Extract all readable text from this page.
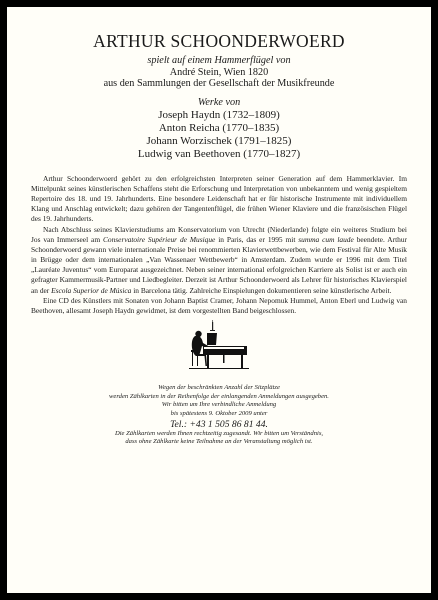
ARTHUR SCHOONDERWOERD

spielt auf einem Hammerflügel von

André Stein, Wien 1820

aus den Sammlungen der Gesellschaft der Musikfreunde

Werke von

Joseph Haydn (1732–1809)

Anton Reicha (1770–1835)

Johann Worzischek (1791–1825)

Ludwig van Beethoven (1770–1827)

Arthur Schoonderwoerd gehört zu den erfolgreichsten Interpreten seiner Generation auf dem Hammerklavier. Im Mittelpunkt seines künstlerischen Schaffens steht die Erforschung und Interpretation von unbekanntem und wenig gespieltem Repertoire des 18. und 19. Jahrhunderts. Eine besondere Leidenschaft hat er für historische Instrumente mit individuellem Klang und Anschlag entwickelt; dazu gehören der Tangentenflügel, die frühen Wiener Klaviere und die französischen Flügel des 19. Jahrhunderts.

Nach Abschluss seines Klavierstudiums am Konservatorium von Utrecht (Niederlande) folgte ein weiteres Studium bei Jos van Immerseel am Conservatoire Supérieur de Musique in Paris, das er 1995 mit summa cum laude beendete. Arthur Schoonderwoerd gewann viele internationale Preise bei renommierten Klavierwettbewerben, wie dem Festival für Alte Musik in Brügge oder dem internationalen „Van Wassenaer Wettbewerb“ in Amsterdam. Zudem wurde er 1996 mit dem Titel „Lauréate Juventus“ vom Europarat ausgezeichnet. Neben seiner international erfolgreichen Karriere als Solist ist er auch ein gefragter Kammermusik-Partner und Liedbegleiter. Derzeit ist Arthur Schoonderwoerd als Lehrer für historisches Klavierspiel an der Escola Superior de Música in Barcelona tätig. Zahlreiche Einspielungen dokumentieren seine künstlerische Arbeit.

Eine CD des Künstlers mit Sonaten von Johann Baptist Cramer, Johann Nepomuk Hummel, Anton Eberl und Ludwig van Beethoven, allesamt Joseph Haydn gewidmet, ist dem vorgestellten Band beigeschlossen.

Wegen der beschränkten Anzahl der Sitzplätze

werden Zählkarten in der Reihenfolge der einlangenden Anmeldungen ausgegeben.

Wir bitten um Ihre verbindliche Anmeldung

bis spätestens 9. Oktober 2009 unter

Tel.: +43 1 505 86 81 44.

Die Zählkarten werden Ihnen rechtzeitig zugesandt. Wir bitten um Verständnis,

dass ohne Zählkarte keine Teilnahme an der Veranstaltung möglich ist.
